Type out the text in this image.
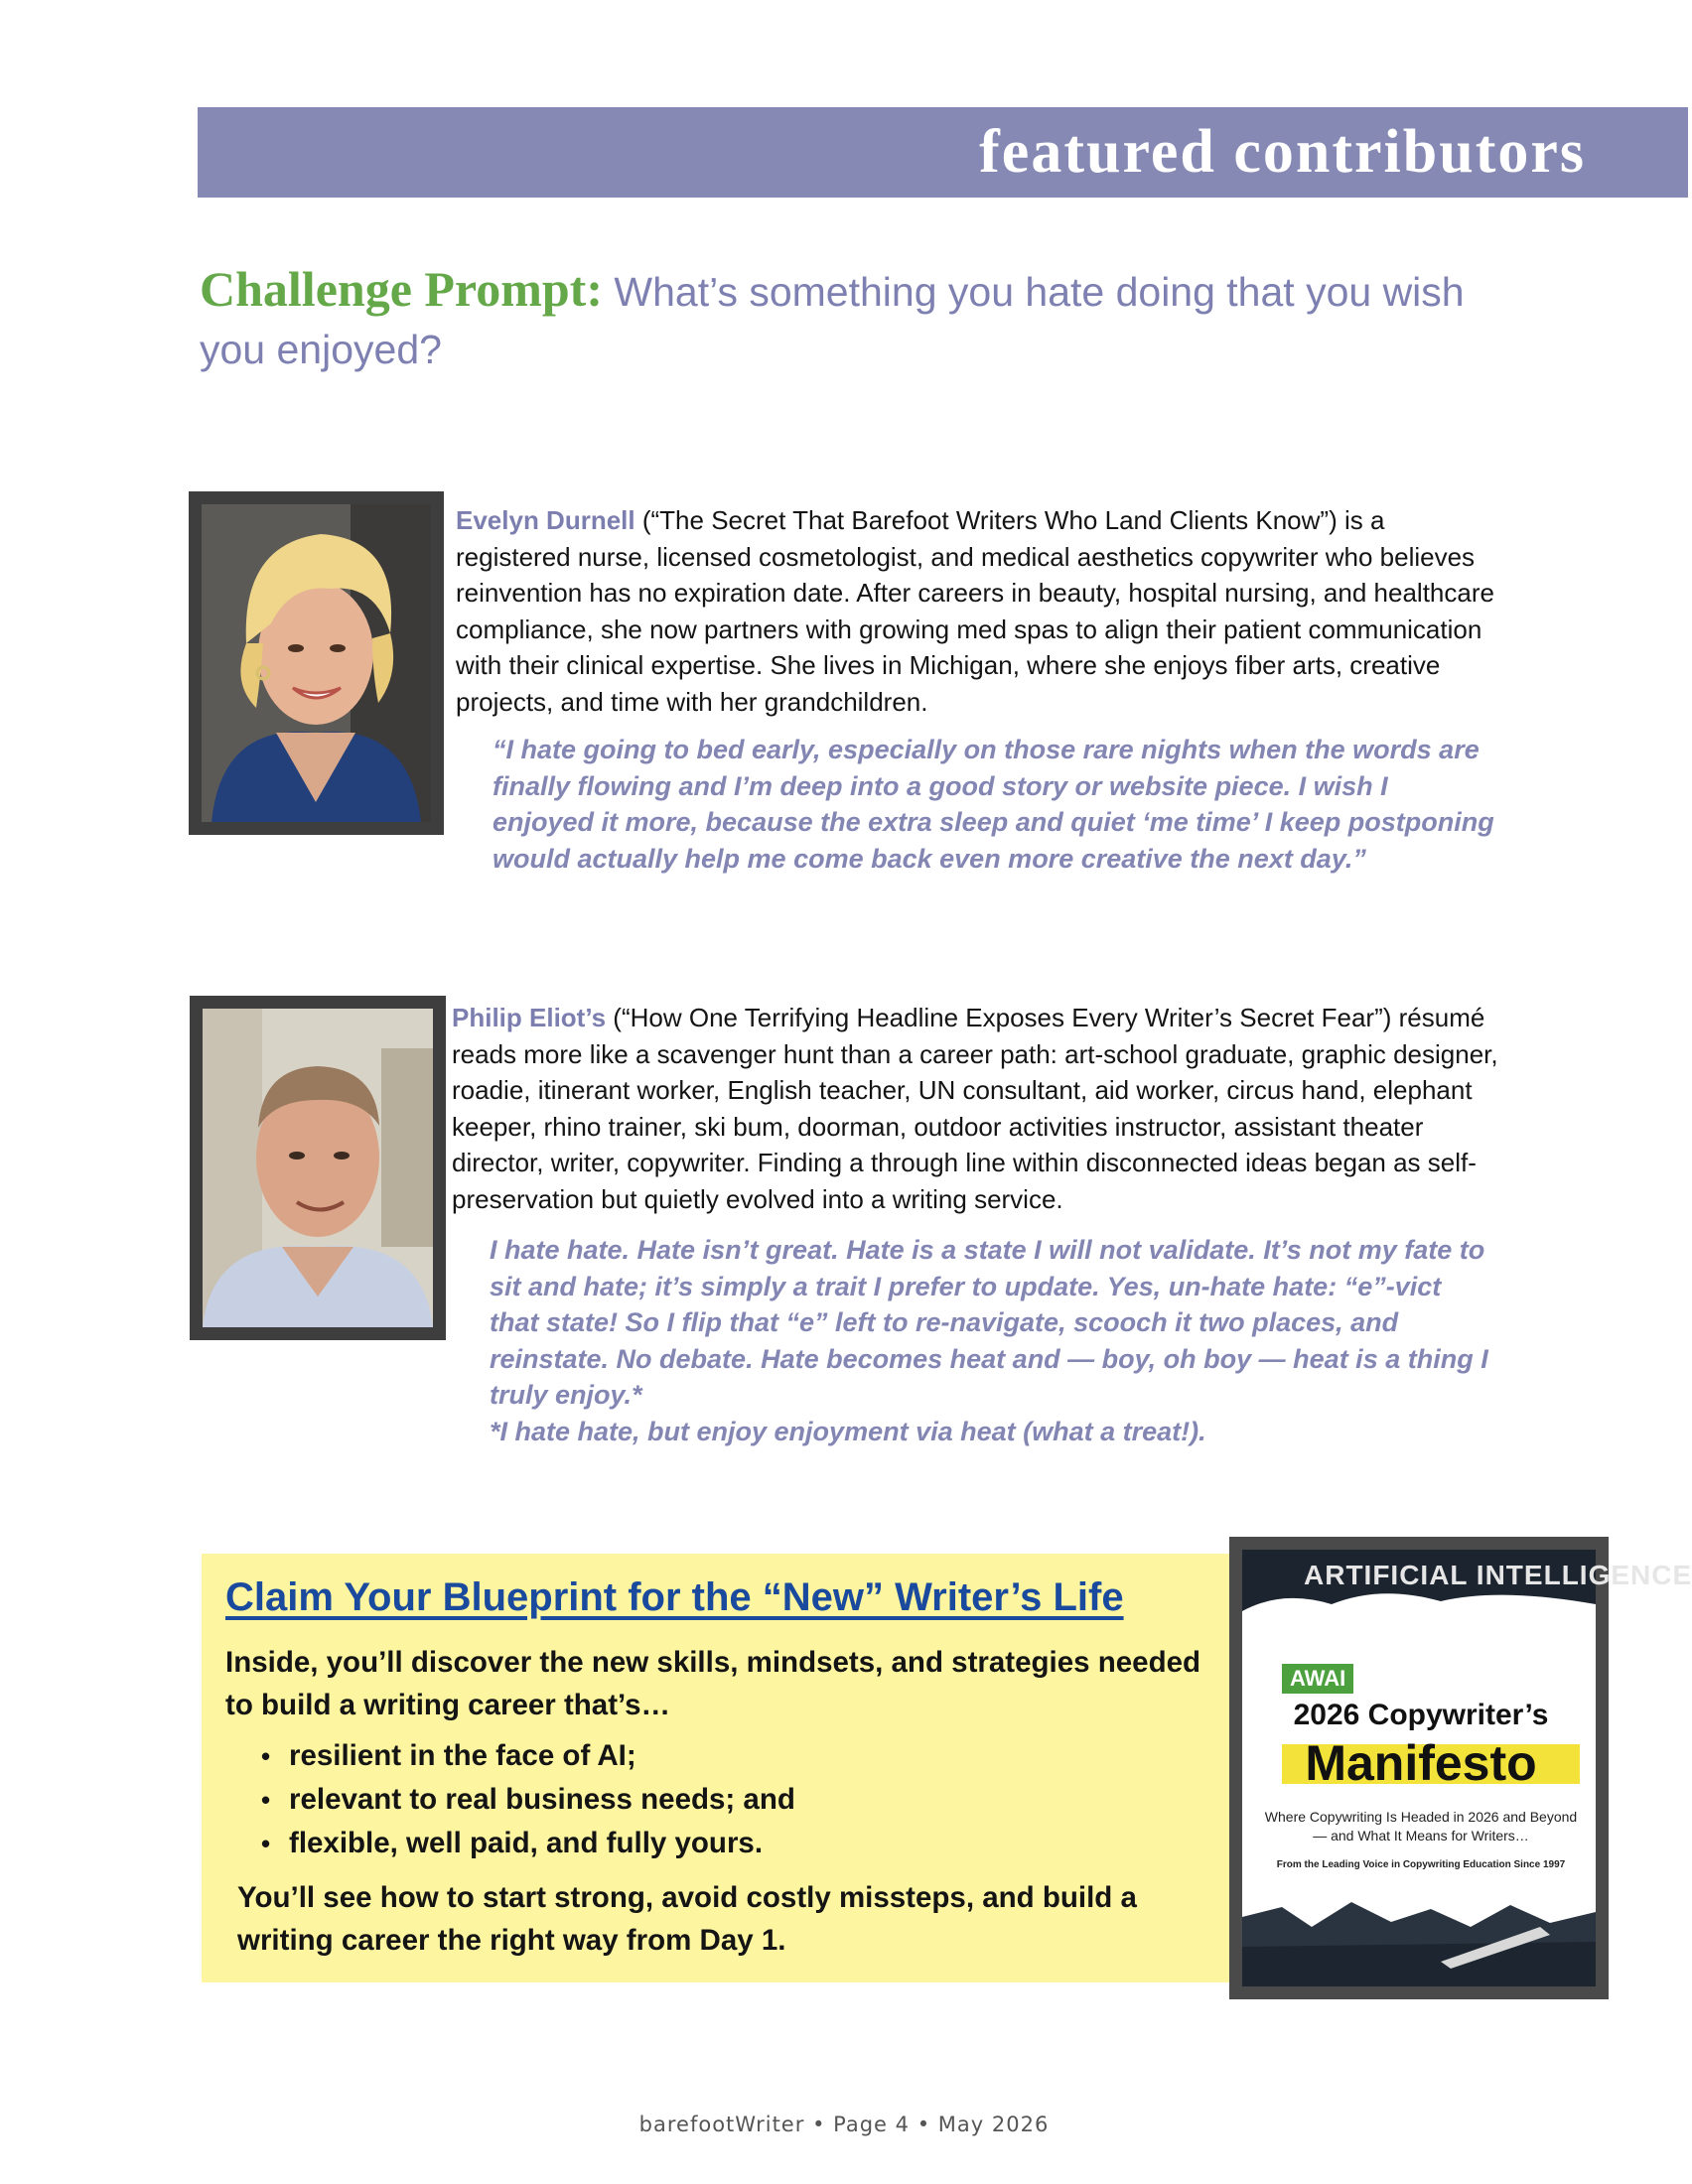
featured contributors
Challenge Prompt: What’s something you hate doing that you wish you enjoyed?
Evelyn Durnell (“The Secret That Barefoot Writers Who Land Clients Know”) is a registered nurse, licensed cosmetologist, and medical aesthetics copywriter who believes reinvention has no expiration date. After careers in beauty, hospital nursing, and healthcare compliance, she now partners with growing med spas to align their patient communication with their clinical expertise. She lives in Michigan, where she enjoys fiber arts, creative projects, and time with her grandchildren.
“I hate going to bed early, especially on those rare nights when the words are finally flowing and I’m deep into a good story or website piece. I wish I enjoyed it more, because the extra sleep and quiet ‘me time’ I keep postponing would actually help me come back even more creative the next day.”
Philip Eliot’s (“How One Terrifying Headline Exposes Every Writer’s Secret Fear”) résumé reads more like a scavenger hunt than a career path: art-school graduate, graphic designer, roadie, itinerant worker, English teacher, UN consultant, aid worker, circus hand, elephant keeper, rhino trainer, ski bum, doorman, outdoor activities instructor, assistant theater director, writer, copywriter. Finding a through line within disconnected ideas began as self-preservation but quietly evolved into a writing service.
I hate hate. Hate isn’t great. Hate is a state I will not validate. It’s not my fate to sit and hate; it’s simply a trait I prefer to update. Yes, un-hate hate: “e”-vict that state! So I flip that “e” left to re-navigate, scooch it two places, and reinstate. No debate. Hate becomes heat and — boy, oh boy — heat is a thing I truly enjoy.*
*I hate hate, but enjoy enjoyment via heat (what a treat!).
Claim Your Blueprint for the “New” Writer’s Life
Inside, you’ll discover the new skills, mindsets, and strategies needed to build a writing career that’s…
• resilient in the face of AI;
• relevant to real business needs; and
• flexible, well paid, and fully yours.
You’ll see how to start strong, avoid costly missteps, and build a writing career the right way from Day 1.
ARTIFICIAL INTELLIGENCE
AWAI
2026 Copywriter’s
Manifesto
Where Copywriting Is Headed in 2026 and Beyond — and What It Means for Writers…
From the Leading Voice in Copywriting Education Since 1997
barefootWriter • Page 4 • May 2026
